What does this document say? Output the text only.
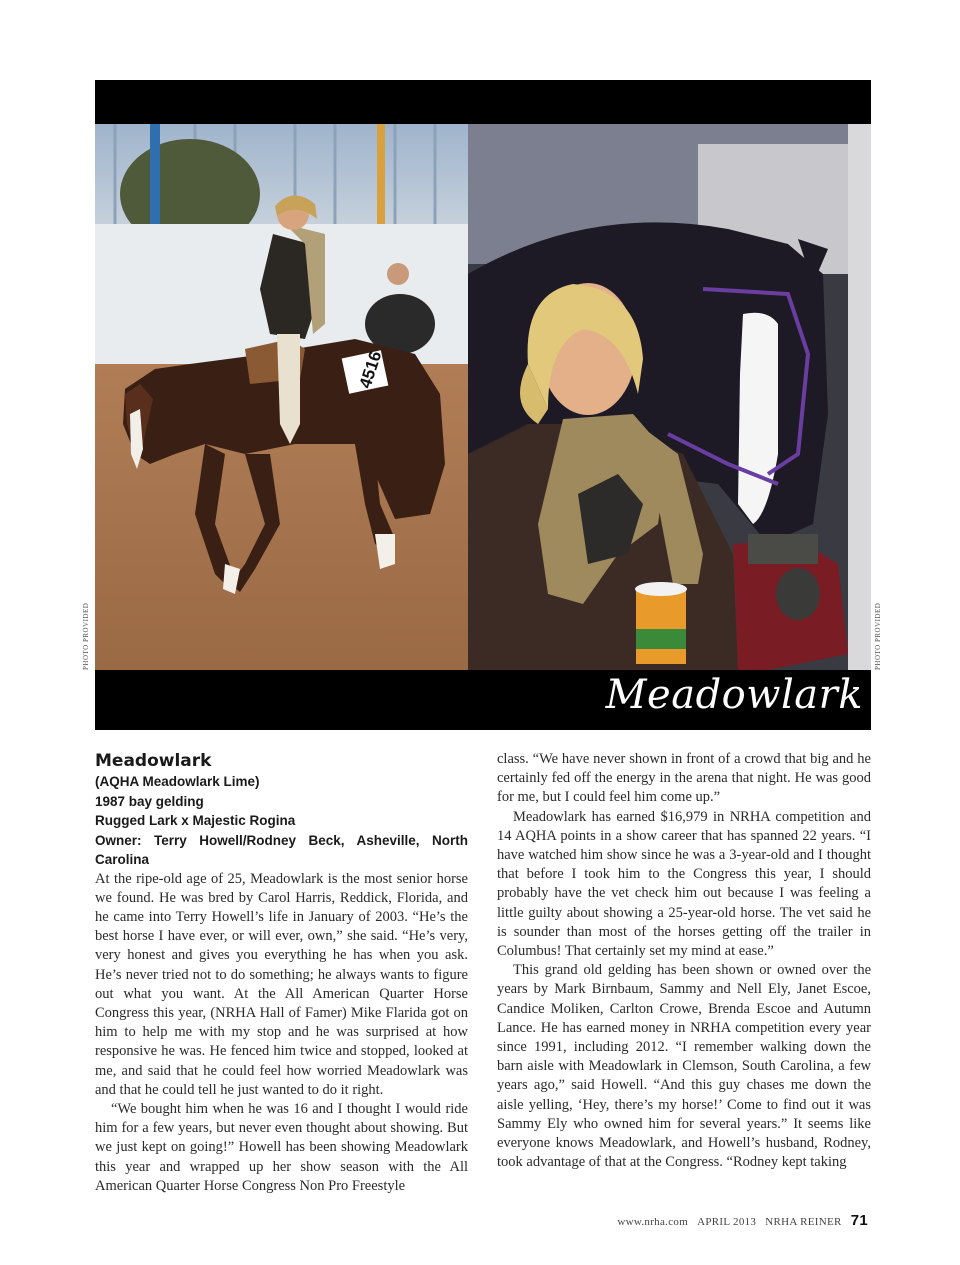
4516
Meadowlark
PHOTO PROVIDED	PHOTO PROVIDED
Meadowlark
(AQHA Meadowlark Lime)
1987 bay gelding
Rugged Lark x Majestic Rogina
Owner: Terry Howell/Rodney Beck, Asheville, North Carolina

At the ripe-old age of 25, Meadowlark is the most senior horse we found. He was bred by Carol Harris, Reddick, Florida, and he came into Terry Howell’s life in January of 2003. “He’s the best horse I have ever, or will ever, own,” she said. “He’s very, very honest and gives you everything he has when you ask. He’s never tried not to do something; he always wants to figure out what you want. At the All American Quarter Horse Congress this year, (NRHA Hall of Famer) Mike Flarida got on him to help me with my stop and he was surprised at how responsive he was. He fenced him twice and stopped, looked at me, and said that he could feel how worried Meadowlark was and that he could tell he just wanted to do it right.

“We bought him when he was 16 and I thought I would ride him for a few years, but never even thought about showing. But we just kept on going!” Howell has been showing Meadowlark this year and wrapped up her show season with the All American Quarter Horse Congress Non Pro Freestyle

class. “We have never shown in front of a crowd that big and he certainly fed off the energy in the arena that night. He was good for me, but I could feel him come up.”

Meadowlark has earned $16,979 in NRHA competition and 14 AQHA points in a show career that has spanned 22 years. “I have watched him show since he was a 3-year-old and I thought that before I took him to the Congress this year, I should probably have the vet check him out because I was feeling a little guilty about showing a 25-year-old horse. The vet said he is sounder than most of the horses getting off the trailer in Columbus! That certainly set my mind at ease.”

This grand old gelding has been shown or owned over the years by Mark Birnbaum, Sammy and Nell Ely, Janet Escoe, Candice Moliken, Carlton Crowe, Brenda Escoe and Autumn Lance. He has earned money in NRHA competition every year since 1991, including 2012. “I remember walking down the barn aisle with Meadowlark in Clemson, South Carolina, a few years ago,” said Howell. “And this guy chases me down the aisle yelling, ‘Hey, there’s my horse!’ Come to find out it was Sammy Ely who owned him for several years.” It seems like everyone knows Meadowlark, and Howell’s husband, Rodney, took advantage of that at the Congress. “Rodney kept taking

www.nrha.com APRIL 2013 NRHA REINER 71
